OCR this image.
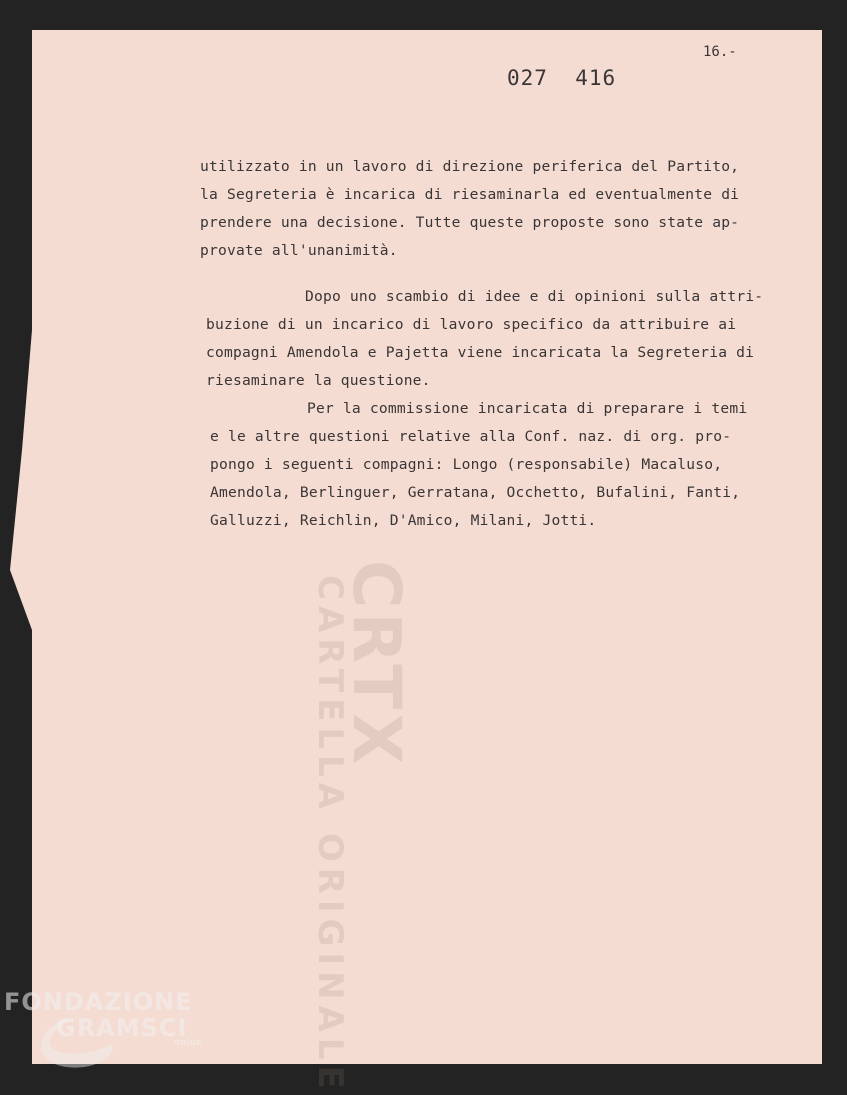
CRTX
CARTELLA ORIGINALE
16.-
027  416
utilizzato in un lavoro di direzione periferica del Partito,
la Segreteria è incarica di riesaminarla ed eventualmente di
prendere una decisione. Tutte queste proposte sono state ap-
provate all'unanimità.
Dopo uno scambio di idee e di opinioni sulla attri-
buzione di un incarico di lavoro specifico da attribuire ai
compagni Amendola e Pajetta viene incaricata la Segreteria di
riesaminare la questione.
Per la commissione incaricata di preparare i temi
e le altre questioni relative alla Conf. naz. di org. pro-
pongo i seguenti compagni: Longo (responsabile) Macaluso,
Amendola, Berlinguer, Gerratana, Occhetto, Bufalini, Fanti,
Galluzzi, Reichlin, D'Amico, Milani, Jotti.
FONDAZIONE
GRAMSCI
onlus
